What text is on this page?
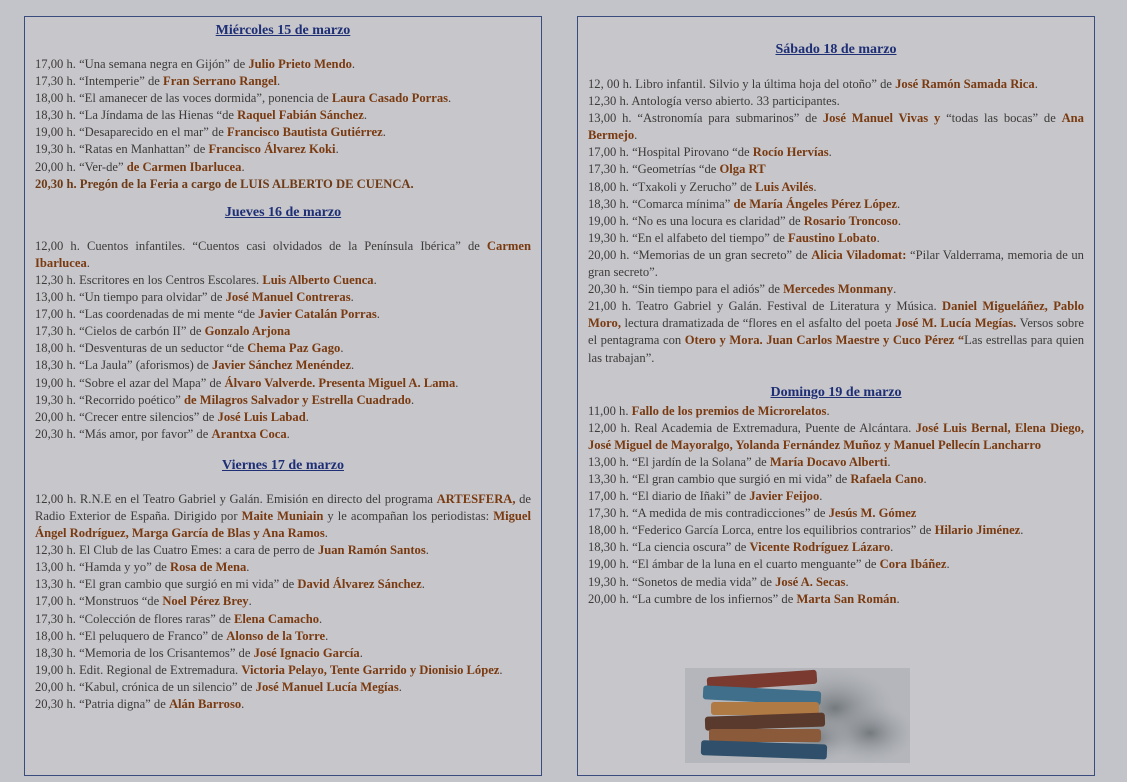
Miércoles 15 de marzo
17,00 h. “Una semana negra en Gijón” de Julio Prieto Mendo.
17,30 h. “Intemperie” de Fran Serrano Rangel.
18,00 h. “El amanecer de las voces dormida”, ponencia de Laura Casado Porras.
18,30 h. “La Jíndama de las Hienas “de Raquel Fabián Sánchez.
19,00 h. “Desaparecido en el mar” de Francisco Bautista Gutiérrez.
19,30 h. “Ratas en Manhattan” de Francisco Álvarez Koki.
20,00 h. “Ver-de” de Carmen Ibarlucea.
20,30 h. Pregón de la Feria a cargo de LUIS ALBERTO DE CUENCA.
Jueves 16 de marzo
12,00 h. Cuentos infantiles. “Cuentos casi olvidados de la Península Ibérica” de Carmen Ibarlucea.
12,30 h. Escritores en los Centros Escolares. Luis Alberto Cuenca.
13,00 h. “Un tiempo para olvidar” de José Manuel Contreras.
17,00 h. “Las coordenadas de mi mente “de Javier Catalán Porras.
17,30 h. “Cielos de carbón II” de Gonzalo Arjona
18,00 h. “Desventuras de un seductor “de Chema Paz Gago.
18,30 h. “La Jaula” (aforismos) de Javier Sánchez Menéndez.
19,00 h. “Sobre el azar del Mapa” de Álvaro Valverde. Presenta Miguel A. Lama.
19,30 h. “Recorrido poético” de Milagros Salvador y Estrella Cuadrado.
20,00 h. “Crecer entre silencios” de José Luis Labad.
20,30 h. “Más amor, por favor” de Arantxa Coca.
Viernes 17 de marzo
12,00 h. R.N.E en el Teatro Gabriel y Galán. Emisión en directo del programa ARTESFERA, de Radio Exterior de España. Dirigido por Maite Muniain y le acompañan los periodistas: Miguel Ángel Rodríguez, Marga García de Blas y Ana Ramos.
12,30 h. El Club de las Cuatro Emes: a cara de perro de Juan Ramón Santos.
13,00 h. “Hamda y yo” de Rosa de Mena.
13,30 h. “El gran cambio que surgió en mi vida” de David Álvarez Sánchez.
17,00 h. “Monstruos “de Noel Pérez Brey.
17,30 h. “Colección de flores raras” de Elena Camacho.
18,00 h. “El peluquero de Franco” de Alonso de la Torre.
18,30 h. “Memoria de los Crisantemos” de José Ignacio García.
19,00 h. Edit. Regional de Extremadura. Victoria Pelayo, Tente Garrido y Dionisio López.
20,00 h. “Kabul, crónica de un silencio” de José Manuel Lucía Megías.
20,30 h. “Patria digna” de Alán Barroso.
Sábado 18 de marzo
12, 00 h. Libro infantil. Silvio y la última hoja del otoño” de José Ramón Samada Rica.
12,30 h. Antología verso abierto. 33 participantes.
13,00 h. “Astronomía para submarinos” de José Manuel Vivas y “todas las bocas” de Ana Bermejo.
17,00 h. “Hospital Pirovano “de Rocío Hervías.
17,30 h. “Geometrías “de Olga RT
18,00 h. “Txakoli y Zerucho” de Luis Avilés.
18,30 h. “Comarca mínima” de María Ángeles Pérez López.
19,00 h. “No es una locura es claridad” de Rosario Troncoso.
19,30 h. “En el alfabeto del tiempo” de Faustino Lobato.
20,00 h. “Memorias de un gran secreto” de Alicia Viladomat: “Pilar Valderrama, memoria de un gran secreto”.
20,30 h. “Sin tiempo para el adiós” de Mercedes Monmany.
21,00 h. Teatro Gabriel y Galán. Festival de Literatura y Música. Daniel Migueláñez, Pablo Moro, lectura dramatizada de “flores en el asfalto del poeta José M. Lucía Megías. Versos sobre el pentagrama con Otero y Mora. Juan Carlos Maestre y Cuco Pérez “Las estrellas para quien las trabajan”.
Domingo 19 de marzo
11,00 h. Fallo de los premios de Microrelatos.
12,00 h. Real Academia de Extremadura, Puente de Alcántara. José Luis Bernal, Elena Diego, José Miguel de Mayoralgo, Yolanda Fernández Muñoz y Manuel Pellecín Lancharro
13,00 h. “El jardín de la Solana” de María Docavo Alberti.
13,30 h. “El gran cambio que surgió en mi vida” de Rafaela Cano.
17,00 h. “El diario de Iñaki” de Javier Feijoo.
17,30 h. “A medida de mis contradicciones” de Jesús M. Gómez
18,00 h. “Federico García Lorca, entre los equilibrios contrarios” de Hilario Jiménez.
18,30 h. “La ciencia oscura” de Vicente Rodríguez Lázaro.
19,00 h. “El ámbar de la luna en el cuarto menguante” de Cora Ibáñez.
19,30 h. “Sonetos de media vida” de José A. Secas.
20,00 h. “La cumbre de los infiernos” de Marta San Román.
